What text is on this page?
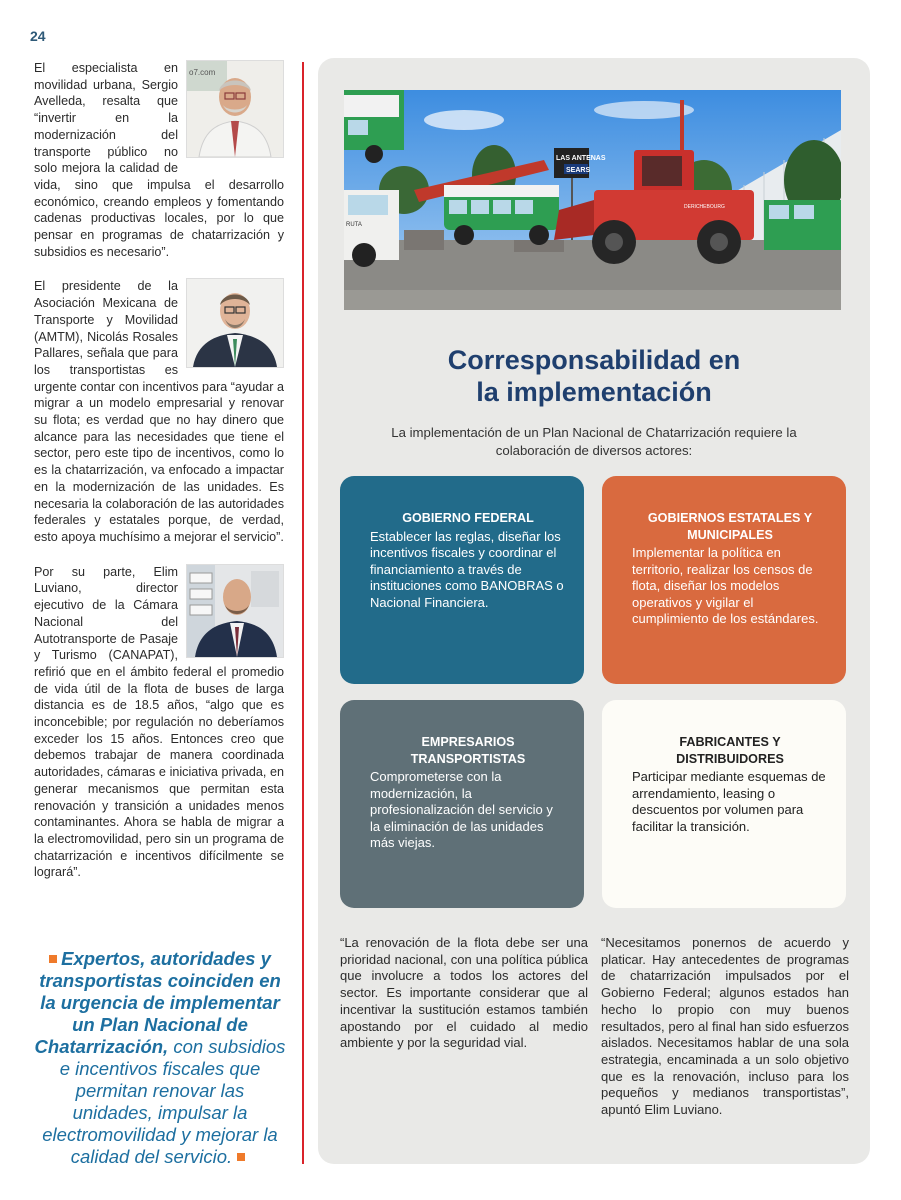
24

o7.com
El especialista en movilidad urbana, Sergio Avelleda, resalta que “invertir en la modernización del transporte público no solo mejora la calidad de vida, sino que impulsa el desarrollo económico, creando empleos y fomentando cadenas productivas locales, por lo que pensar en programas de chatarrización y subsidios es necesario”.

El presidente de la Asociación Mexicana de Transporte y Movilidad (AMTM), Nicolás Rosales Pallares, señala que para los transportistas es urgente contar con incentivos para “ayudar a migrar a un modelo empresarial y renovar su flota; es verdad que no hay dinero que alcance para las necesidades que tiene el sector, pero este tipo de incentivos, como lo es la chatarrización, va enfocado a impactar en la modernización de las unidades. Es necesaria la colaboración de las autoridades federales y estatales porque, de verdad, esto apoya muchísimo a mejorar el servicio”.

Por su parte, Elim Luviano, director ejecutivo de la Cámara Nacional del Autotransporte de Pasaje y Turismo (CANAPAT), refirió que en el ámbito federal el promedio de vida útil de la flota de buses de larga distancia es de 18.5 años, “algo que es inconcebible; por regulación no deberíamos exceder los 15 años. Entonces creo que debemos trabajar de manera coordinada autoridades, cámaras e iniciativa privada, en generar mecanismos que permitan esta renovación y transición a unidades menos contaminantes. Ahora se habla de migrar a la electromovilidad, pero sin un programa de chatarrización e incentivos difícilmente se logrará”.

Expertos, autoridades y transportistas coinciden en la urgencia de implementar un Plan Nacional de Chatarrización, con subsidios e incentivos fiscales que permitan renovar las unidades, impulsar la electromovilidad y mejorar la calidad del servicio.
LAS ANTENAS
SEARS
RUTA
DERICHEBOURG
Corresponsabilidad en
la implementación
La implementación de un Plan Nacional de Chatarrización requiere la colaboración de diversos actores:
GOBIERNO FEDERAL
Establecer las reglas, diseñar los incentivos fiscales y coordinar el financiamiento a través de instituciones como BANOBRAS o Nacional Financiera.
GOBIERNOS ESTATALES Y MUNICIPALES
Implementar la política en territorio, realizar los censos de flota, diseñar los modelos operativos y vigilar el cumplimiento de los estándares.
EMPRESARIOS TRANSPORTISTAS
Comprometerse con la modernización, la profesionalización del servicio y la eliminación de las unidades más viejas.
FABRICANTES Y DISTRIBUIDORES
Participar mediante esquemas de arrendamiento, leasing o descuentos por volumen para facilitar la transición.
“La renovación de la flota debe ser una prioridad nacional, con una política pública que involucre a todos los actores del sector. Es importante considerar que al incentivar la sustitución estamos también apostando por el cuidado al medio ambiente y por la seguridad vial.
“Necesitamos ponernos de acuerdo y platicar. Hay antecedentes de programas de chatarrización impulsados por el Gobierno Federal; algunos estados han hecho lo propio con muy buenos resultados, pero al final han sido esfuerzos aislados. Necesitamos hablar de una sola estrategia, encaminada a un solo objetivo que es la renovación, incluso para los pequeños y medianos transportistas”, apuntó Elim Luviano.
